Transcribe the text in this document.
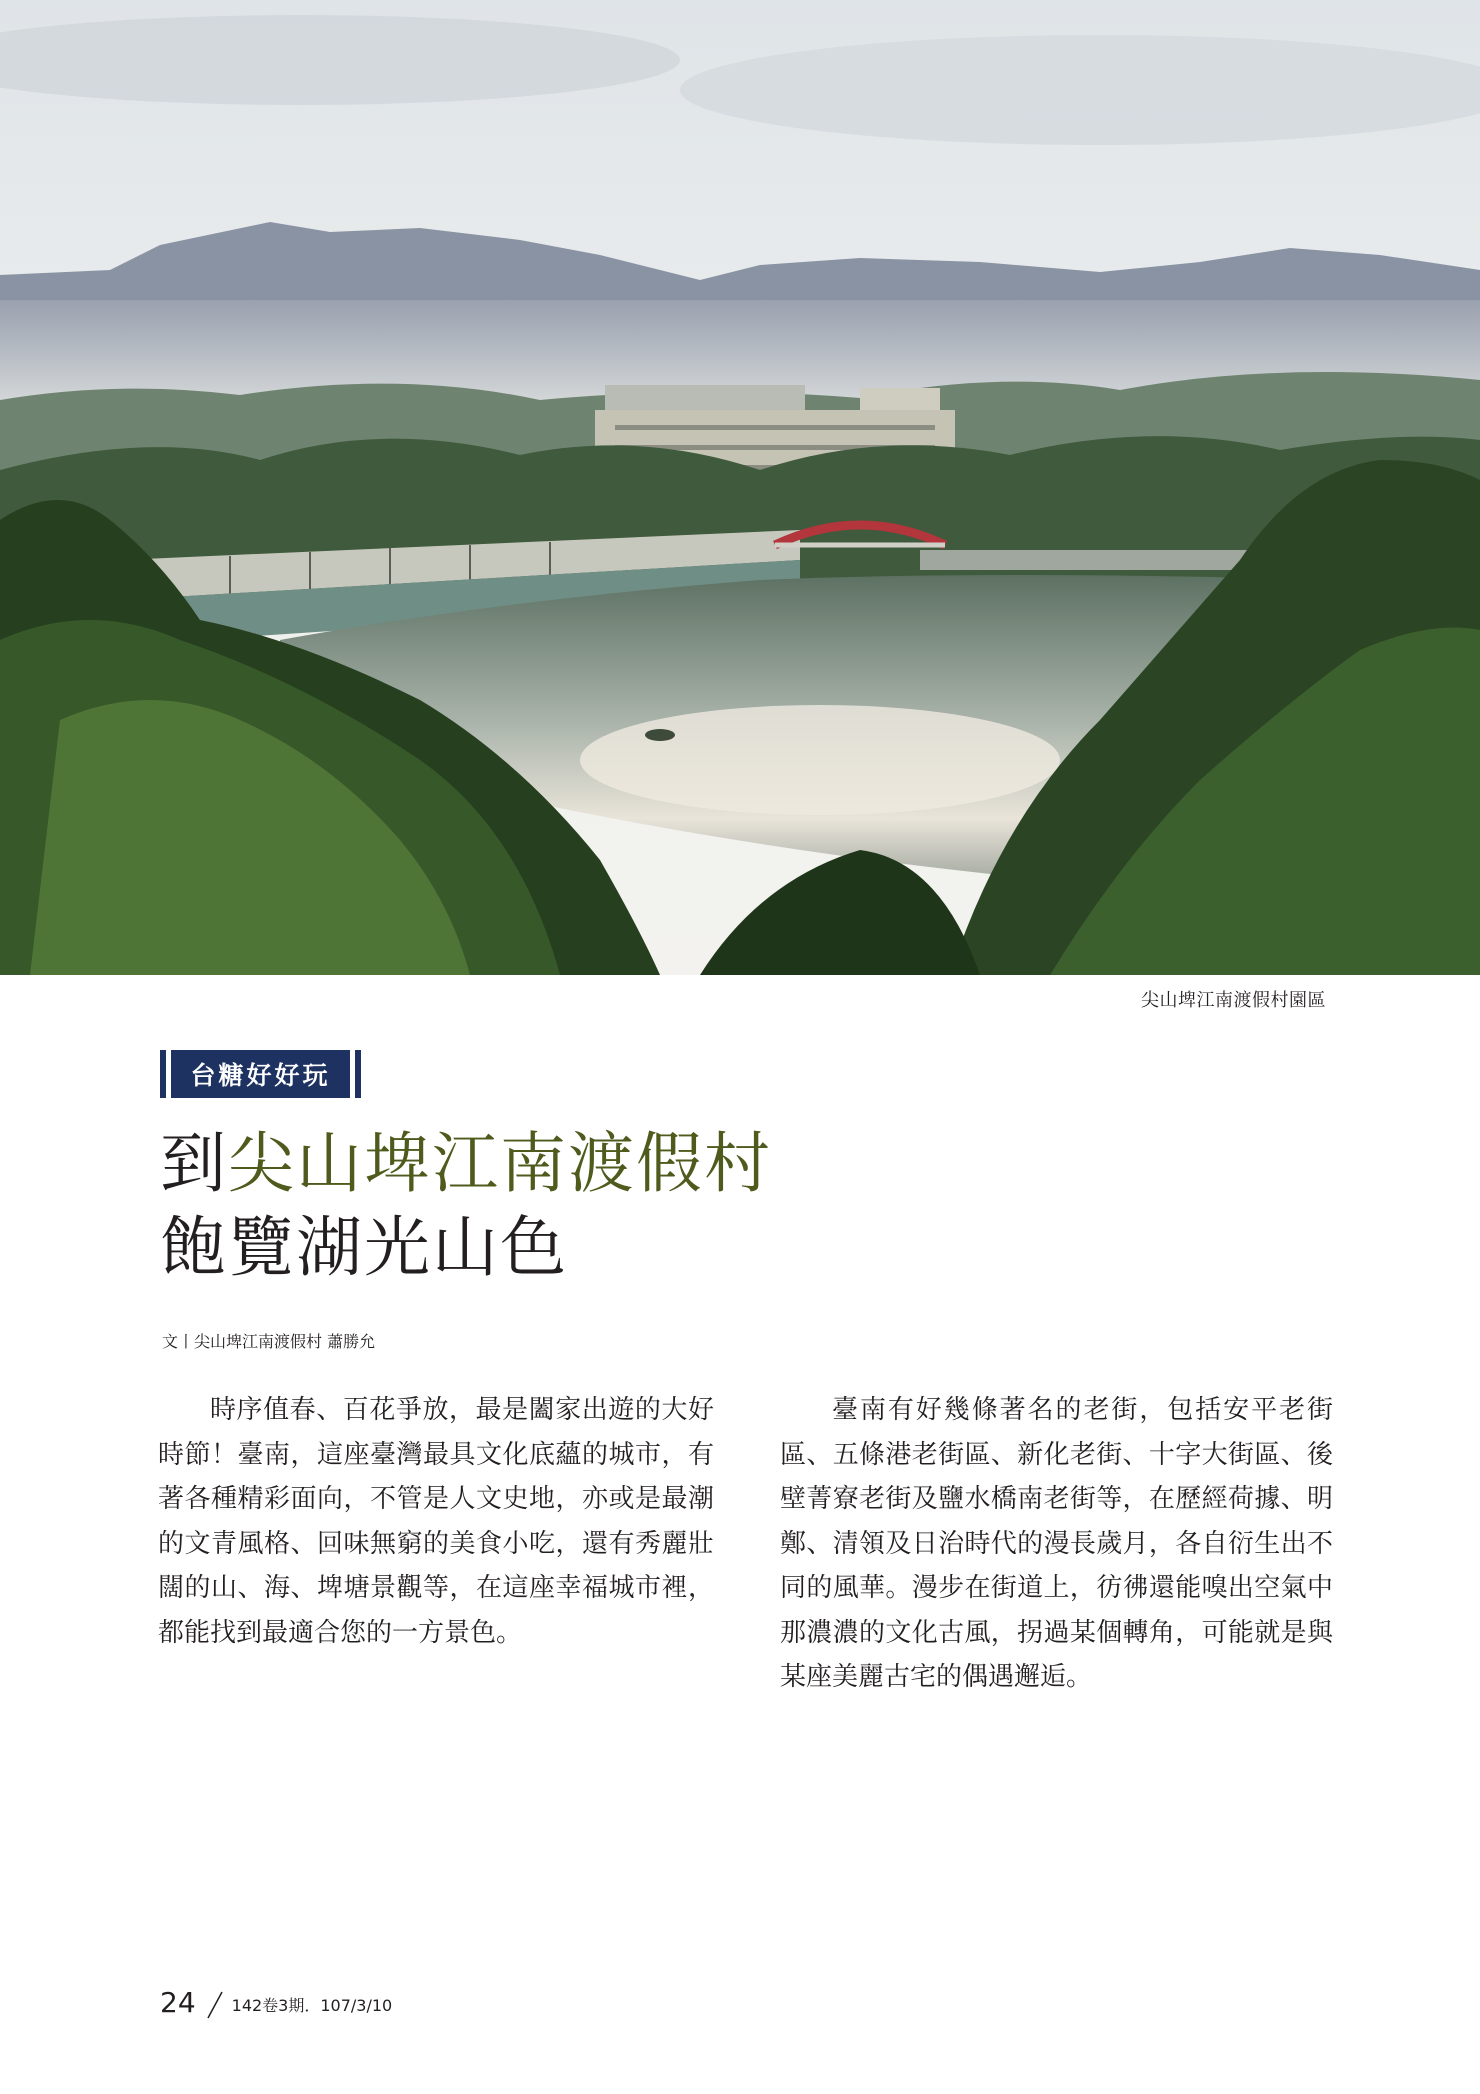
尖山埤江南渡假村園區
台糖好好玩
到尖山埤江南渡假村
飽覽湖光山色
文丨尖山埤江南渡假村 蕭勝允
時序值春、百花爭放，最是闔家出遊的大好時節！臺南，這座臺灣最具文化底蘊的城市，有著各種精彩面向，不管是人文史地，亦或是最潮的文青風格、回味無窮的美食小吃，還有秀麗壯闊的山、海、埤塘景觀等，在這座幸福城市裡，都能找到最適合您的一方景色。
臺南有好幾條著名的老街，包括安平老街區、五條港老街區、新化老街、十字大街區、後壁菁寮老街及鹽水橋南老街等，在歷經荷據、明鄭、清領及日治時代的漫長歲月，各自衍生出不同的風華。漫步在街道上，彷彿還能嗅出空氣中那濃濃的文化古風，拐過某個轉角，可能就是與某座美麗古宅的偶遇邂逅。
24 142卷3期．107/3/10
